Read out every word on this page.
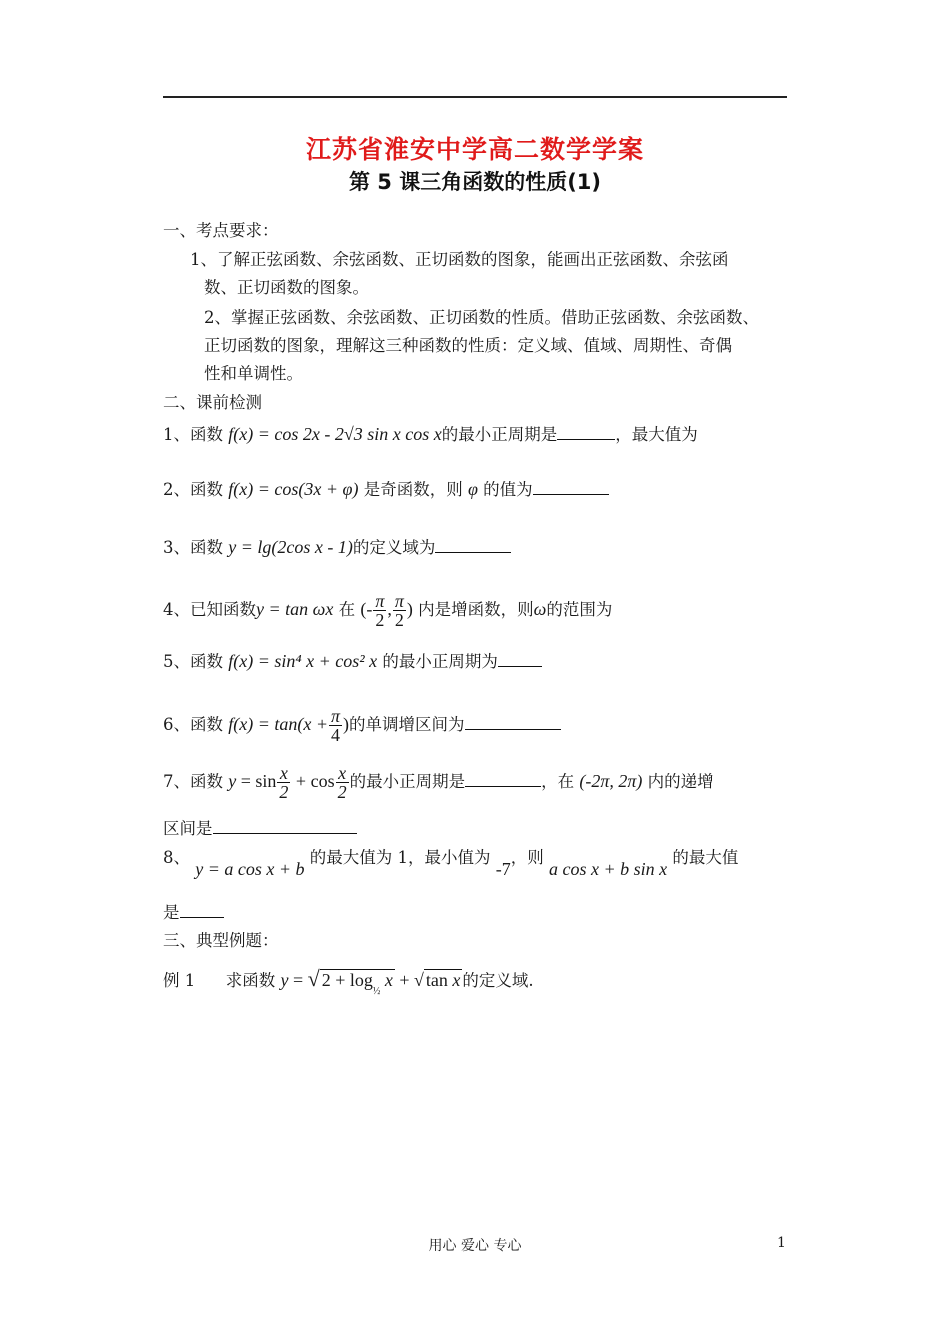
江苏省淮安中学高二数学学案
第 5 课三角函数的性质(1)
一、考点要求：
1、了解正弦函数、余弦函数、正切函数的图象，能画出正弦函数、余弦函
数、正切函数的图象。
2、掌握正弦函数、余弦函数、正切函数的性质。借助正弦函数、余弦函数、
正切函数的图象，理解这三种函数的性质：定义域、值域、周期性、奇偶
性和单调性。
二、课前检测
1、函数 f(x) = cos 2x - 2√3 sin x cos x的最小正周期是	，最大值为
2、函数 f(x) = cos(3x + φ) 是奇函数，则 φ 的值为
3、函数 y = lg(2cos x - 1)的定义域为
4、已知函数y = tan ωx 在 (- $\frac{\pi}{2}$ , $\frac{\pi}{2}$ ) 内是增函数，则ω的范围为
5、函数 f(x) = sin⁴ x + cos² x 的最小正周期为
6、函数 $f(x) = \tan(x + \frac{\pi}{4}$ )的单调增区间为
7、函数 $y = \sin \frac{x}{2} + \cos \frac{x}{2}$ 的最小正周期是	，在 (-2π, 2π) 内的递增
区间是
8、 y = a cos x + b 的最大值为 1，最小值为 -7，则 a cos x + b sin x 的最大值
是
三、典型例题：
例 1 求函数 y = √ $2 + \log_{\frac{1}{2}} x$ + √ tan x 的定义域.
用心 爱心 专心	1
